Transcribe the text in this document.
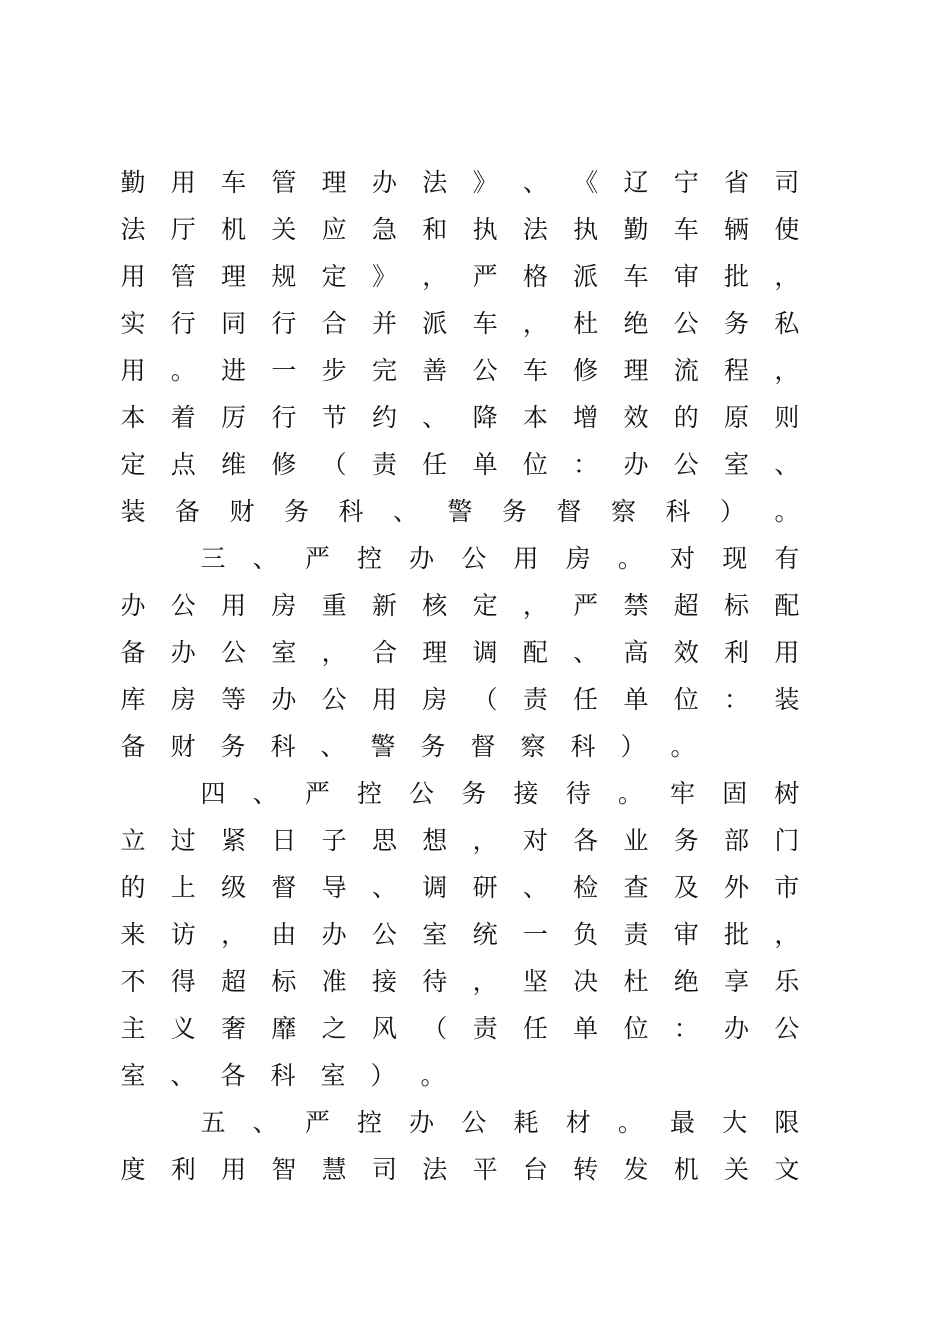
勤 用 车 管 理 办 法 》 、 《 辽 宁 省 司
法 厅 机 关 应 急 和 执 法 执 勤 车 辆 使
用 管 理 规 定 》 ， 严 格 派 车 审 批 ，
实 行 同 行 合 并 派 车 ， 杜 绝 公 务 私
用 。 进 一 步 完 善 公 车 修 理 流 程 ，
本 着 厉 行 节 约 、 降 本 增 效 的 原 则
定 点 维 修 （ 责 任 单 位 ： 办 公 室 、
装 备 财 务 科 、 警 务 督 察 科 ） 。
三 、 严 控 办 公 用 房 。 对 现 有
办 公 用 房 重 新 核 定 ， 严 禁 超 标 配
备 办 公 室 ， 合 理 调 配 、 高 效 利 用
库 房 等 办 公 用 房 （ 责 任 单 位 ： 装
备 财 务 科 、 警 务 督 察 科 ） 。
四 、 严 控 公 务 接 待 。 牢 固 树
立 过 紧 日 子 思 想 ， 对 各 业 务 部 门
的 上 级 督 导 、 调 研 、 检 查 及 外 市
来 访 ， 由 办 公 室 统 一 负 责 审 批 ，
不 得 超 标 准 接 待 ， 坚 决 杜 绝 享 乐
主 义 奢 靡 之 风 （ 责 任 单 位 ： 办 公
室 、 各 科 室 ） 。
五 、 严 控 办 公 耗 材 。 最 大 限
度 利 用 智 慧 司 法 平 台 转 发 机 关 文
